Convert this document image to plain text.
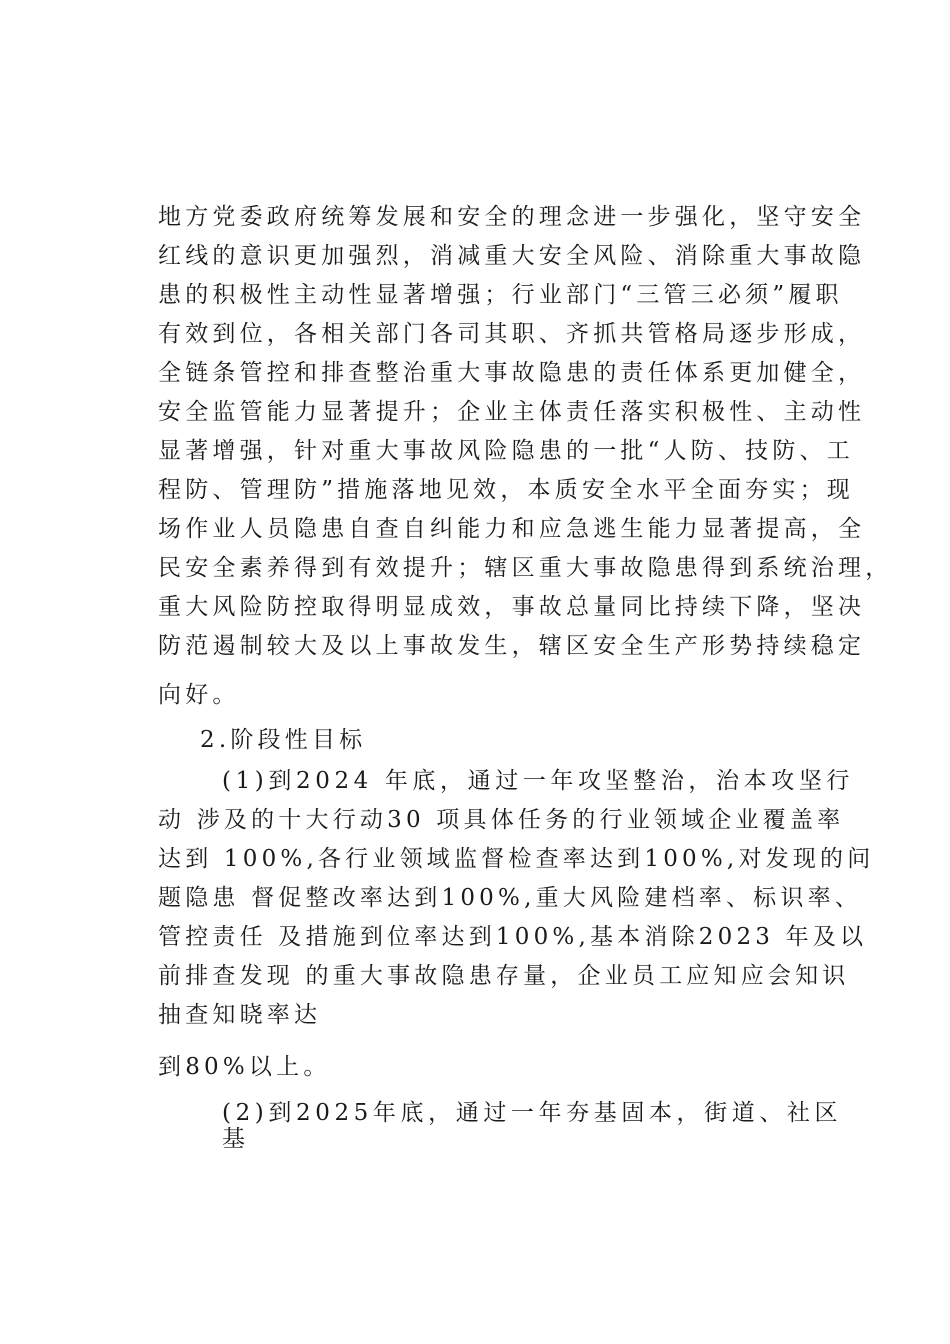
地方党委政府统筹发展和安全的理念进一步强化，坚守安全
红线的意识更加强烈，消减重大安全风险、消除重大事故隐
患的积极性主动性显著增强；行业部门“三管三必须”履职
有效到位，各相关部门各司其职、齐抓共管格局逐步形成，
全链条管控和排查整治重大事故隐患的责任体系更加健全，
安全监管能力显著提升；企业主体责任落实积极性、主动性
显著增强，针对重大事故风险隐患的一批“人防、技防、工
程防、管理防”措施落地见效，本质安全水平全面夯实；现
场作业人员隐患自查自纠能力和应急逃生能力显著提高，全
民安全素养得到有效提升；辖区重大事故隐患得到系统治理，
重大风险防控取得明显成效，事故总量同比持续下降，坚决
防范遏制较大及以上事故发生，辖区安全生产形势持续稳定
向好。
2.阶段性目标
(1)到2024 年底，通过一年攻坚整治，治本攻坚行
动 涉及的十大行动30 项具体任务的行业领域企业覆盖率
达到 100%,各行业领域监督检查率达到100%,对发现的问
题隐患 督促整改率达到100%,重大风险建档率、标识率、
管控责任 及措施到位率达到100%,基本消除2023 年及以
前排查发现 的重大事故隐患存量，企业员工应知应会知识
抽查知晓率达
到80%以上。
(2)到2025年底，通过一年夯基固本，街道、社区
基
